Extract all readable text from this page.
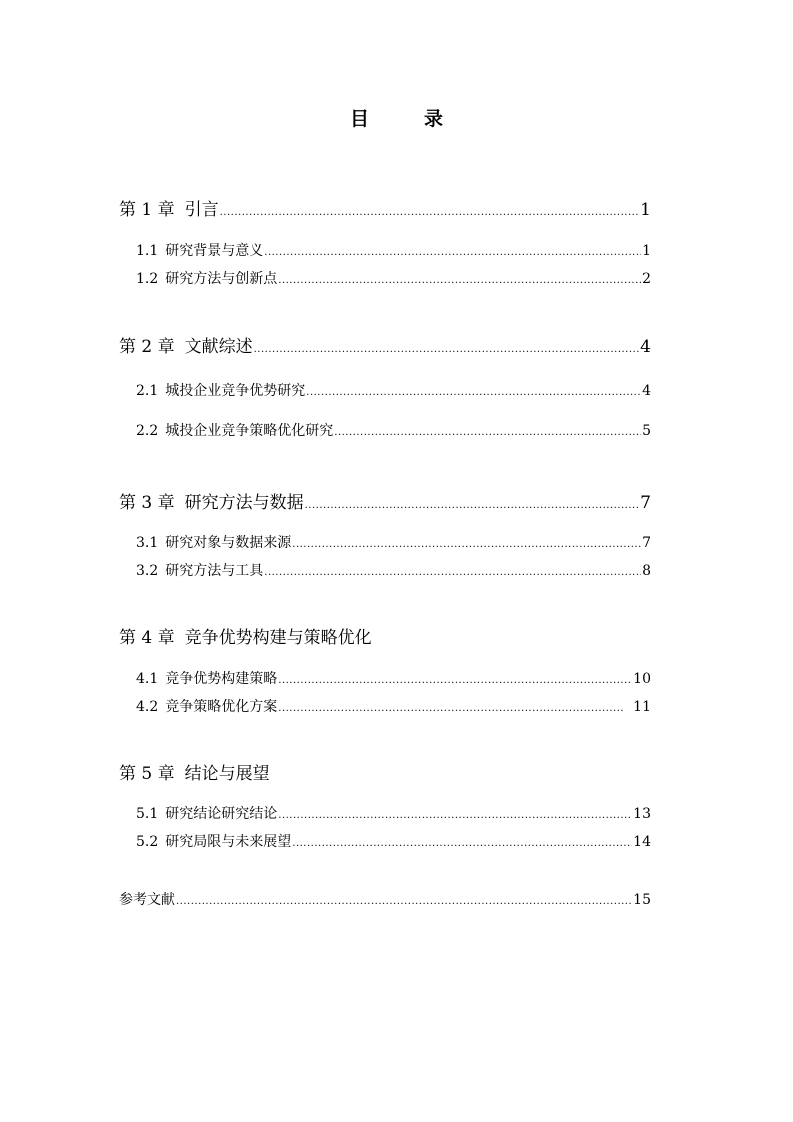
目　录
第 1 章 引言 .....	1
1.1 研究背景与意义 .....	1
1.2 研究方法与创新点 .....	2
第 2 章 文献综述 .....	4
2.1 城投企业竞争优势研究 .....	4
2.2 城投企业竞争策略优化研究 .....	5
第 3 章 研究方法与数据 .....	7
3.1 研究对象与数据来源 .....	7
3.2 研究方法与工具 .....	8
第 4 章 竞争优势构建与策略优化
4.1 竞争优势构建策略 .....	10
4.2 竞争策略优化方案 .....	11
第 5 章 结论与展望
5.1 研究结论研究结论 .....	13
5.2 研究局限与未来展望 .....	14
参考文献 .....	15
